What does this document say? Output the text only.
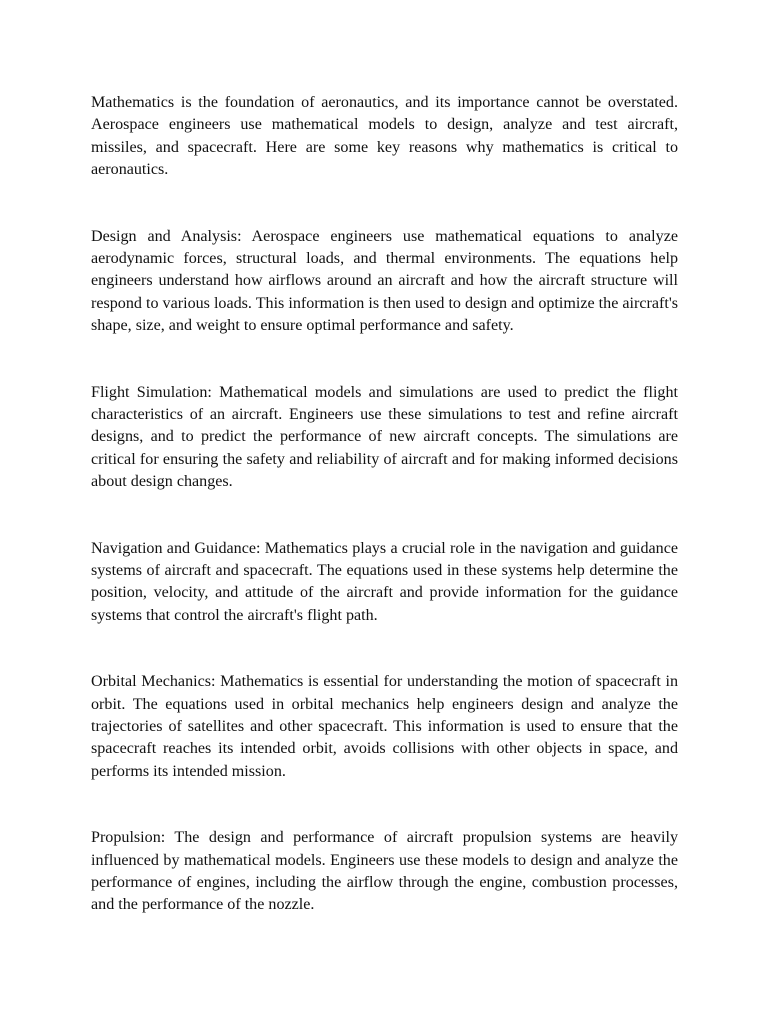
Mathematics is the foundation of aeronautics, and its importance cannot be overstated. Aerospace engineers use mathematical models to design, analyze and test aircraft, missiles, and spacecraft. Here are some key reasons why mathematics is critical to aeronautics.

Design and Analysis: Aerospace engineers use mathematical equations to analyze aerodynamic forces, structural loads, and thermal environments. The equations help engineers understand how airflows around an aircraft and how the aircraft structure will respond to various loads. This information is then used to design and optimize the aircraft's shape, size, and weight to ensure optimal performance and safety.

Flight Simulation: Mathematical models and simulations are used to predict the flight characteristics of an aircraft. Engineers use these simulations to test and refine aircraft designs, and to predict the performance of new aircraft concepts. The simulations are critical for ensuring the safety and reliability of aircraft and for making informed decisions about design changes.

Navigation and Guidance: Mathematics plays a crucial role in the navigation and guidance systems of aircraft and spacecraft. The equations used in these systems help determine the position, velocity, and attitude of the aircraft and provide information for the guidance systems that control the aircraft's flight path.

Orbital Mechanics: Mathematics is essential for understanding the motion of spacecraft in orbit. The equations used in orbital mechanics help engineers design and analyze the trajectories of satellites and other spacecraft. This information is used to ensure that the spacecraft reaches its intended orbit, avoids collisions with other objects in space, and performs its intended mission.

Propulsion: The design and performance of aircraft propulsion systems are heavily influenced by mathematical models. Engineers use these models to design and analyze the performance of engines, including the airflow through the engine, combustion processes, and the performance of the nozzle.
